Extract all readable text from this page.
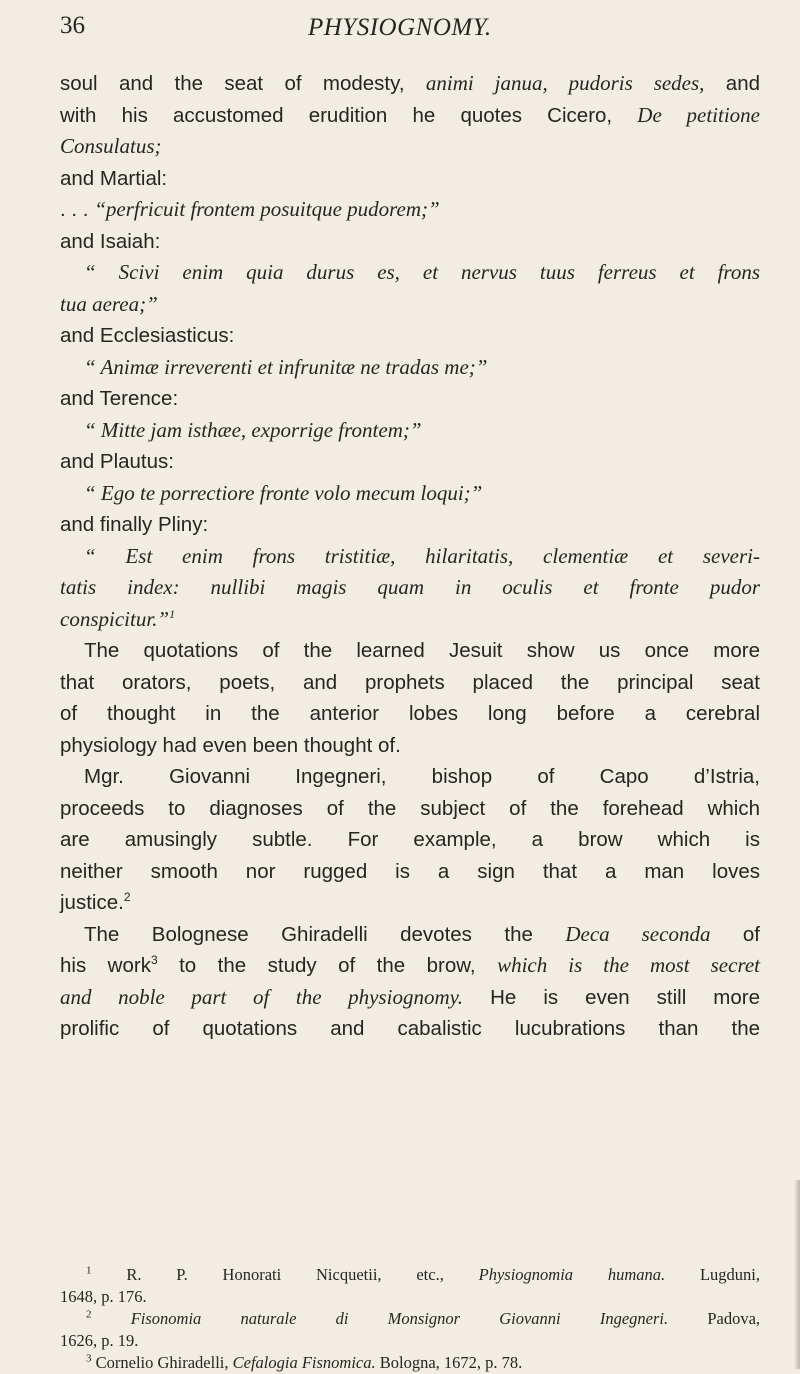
36	PHYSIOGNOMY.
soul and the seat of modesty, animi janua, pudoris sedes, and
with his accustomed erudition he quotes Cicero, De petitione
Consulatus;
and Martial:
. . . “perfricuit frontem posuitque pudorem;”
and Isaiah:
“ Scivi enim quia durus es, et nervus tuus ferreus et frons
tua aerea;”
and Ecclesiasticus:
“ Animæ irreverenti et infrunitæ ne tradas me;”
and Terence:
“ Mitte jam isthæe, exporrige frontem;”
and Plautus:
“ Ego te porrectiore fronte volo mecum loqui;”
and finally Pliny:
“ Est enim frons tristitiæ, hilaritatis, clementiæ et severi-
tatis index: nullibi magis quam in oculis et fronte pudor
conspicitur.”$^1$
The quotations of the learned Jesuit show us once more
that orators, poets, and prophets placed the principal seat
of thought in the anterior lobes long before a cerebral
physiology had even been thought of.
Mgr. Giovanni Ingegneri, bishop of Capo d’Istria,
proceeds to diagnoses of the subject of the forehead which
are amusingly subtle. For example, a brow which is
neither smooth nor rugged is a sign that a man loves
justice.$^2$
The Bolognese Ghiradelli devotes the Deca seconda of
his work$^3$ to the study of the brow, which is the most secret
and noble part of the physiognomy. He is even still more
prolific of quotations and cabalistic lucubrations than the
$^1$ R. P. Honorati Nicquetii, etc., Physiognomia humana. Lugduni,
1648, p. 176.
$^2$ Fisonomia naturale di Monsignor Giovanni Ingegneri. Padova,
1626, p. 19.
$^3$ Cornelio Ghiradelli, Cefalogia Fisnomica. Bologna, 1672, p. 78.
